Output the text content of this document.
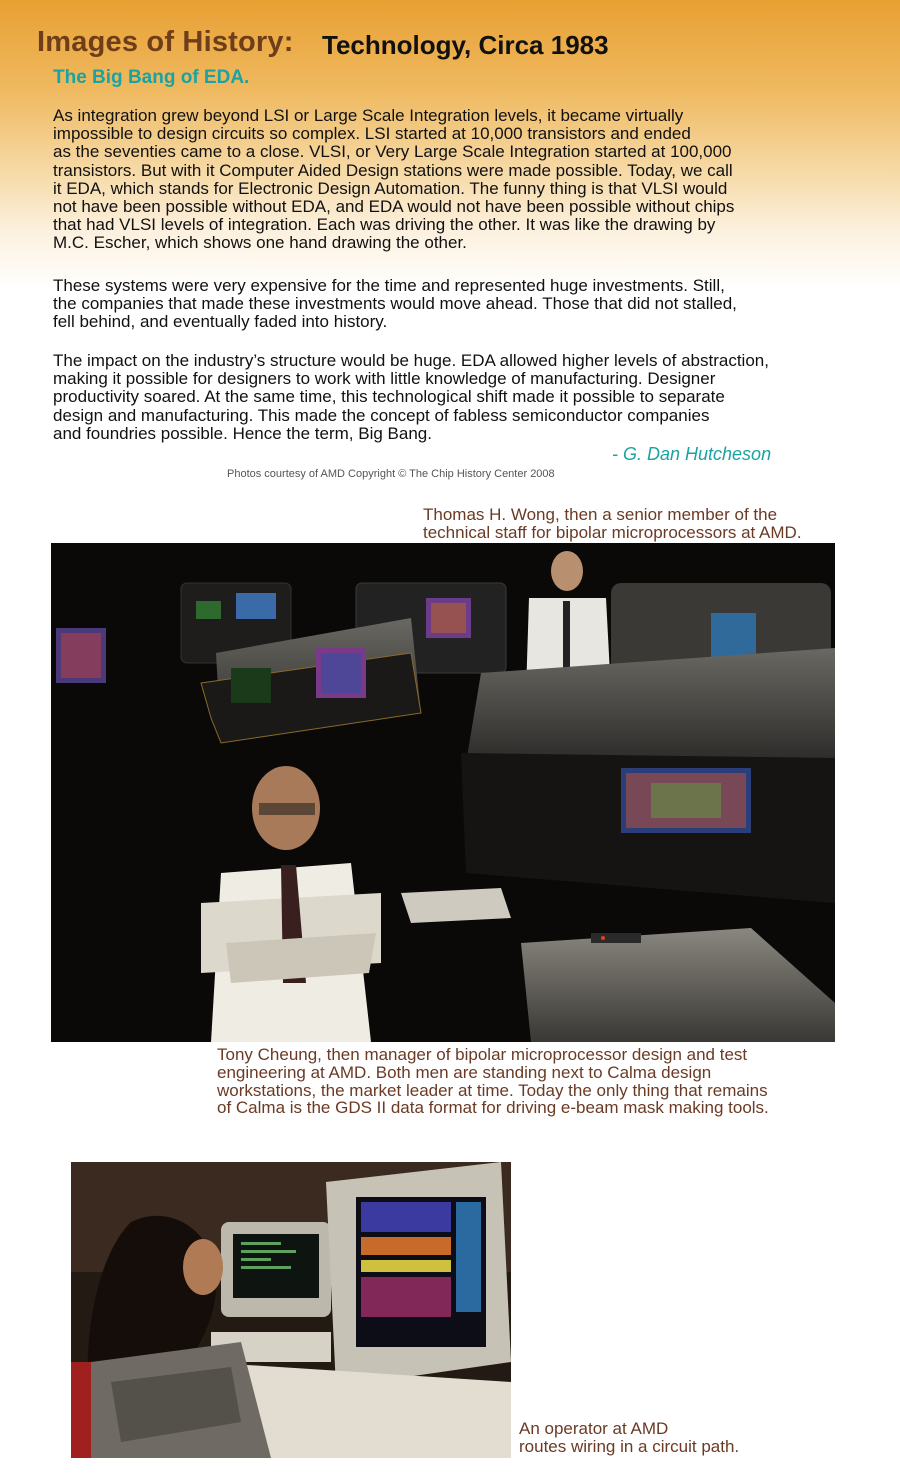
Images of History: Technology, Circa 1983
The Big Bang of EDA.
As integration grew beyond LSI or Large Scale Integration levels, it became virtually
impossible to design circuits so complex. LSI started at 10,000 transistors and ended
as the seventies came to a close. VLSI, or Very Large Scale Integration started at 100,000
transistors. But with it Computer Aided Design stations were made possible. Today, we call
it EDA, which stands for Electronic Design Automation. The funny thing is that VLSI would
not have been possible without EDA, and EDA would not have been possible without chips
that had VLSI levels of integration. Each was driving the other. It was like the drawing by
M.C. Escher, which shows one hand drawing the other.
These systems were very expensive for the time and represented huge investments. Still,
the companies that made these investments would move ahead. Those that did not stalled,
fell behind, and eventually faded into history.
The impact on the industry’s structure would be huge. EDA allowed higher levels of abstraction,
making it possible for designers to work with little knowledge of manufacturing. Designer
productivity soared. At the same time, this technological shift made it possible to separate
design and manufacturing. This made the concept of fabless semiconductor companies
and foundries possible. Hence the term, Big Bang.
- G. Dan Hutcheson
Photos courtesy of AMD Copyright © The Chip History Center 2008
Thomas H. Wong, then a senior member of the
technical staff for bipolar microprocessors at AMD.
Tony Cheung, then manager of bipolar microprocessor design and test
engineering at AMD. Both men are standing next to Calma design
workstations, the market leader at time. Today the only thing that remains
of Calma is the GDS II data format for driving e-beam mask making tools.
An operator at AMD
routes wiring in a circuit path.
